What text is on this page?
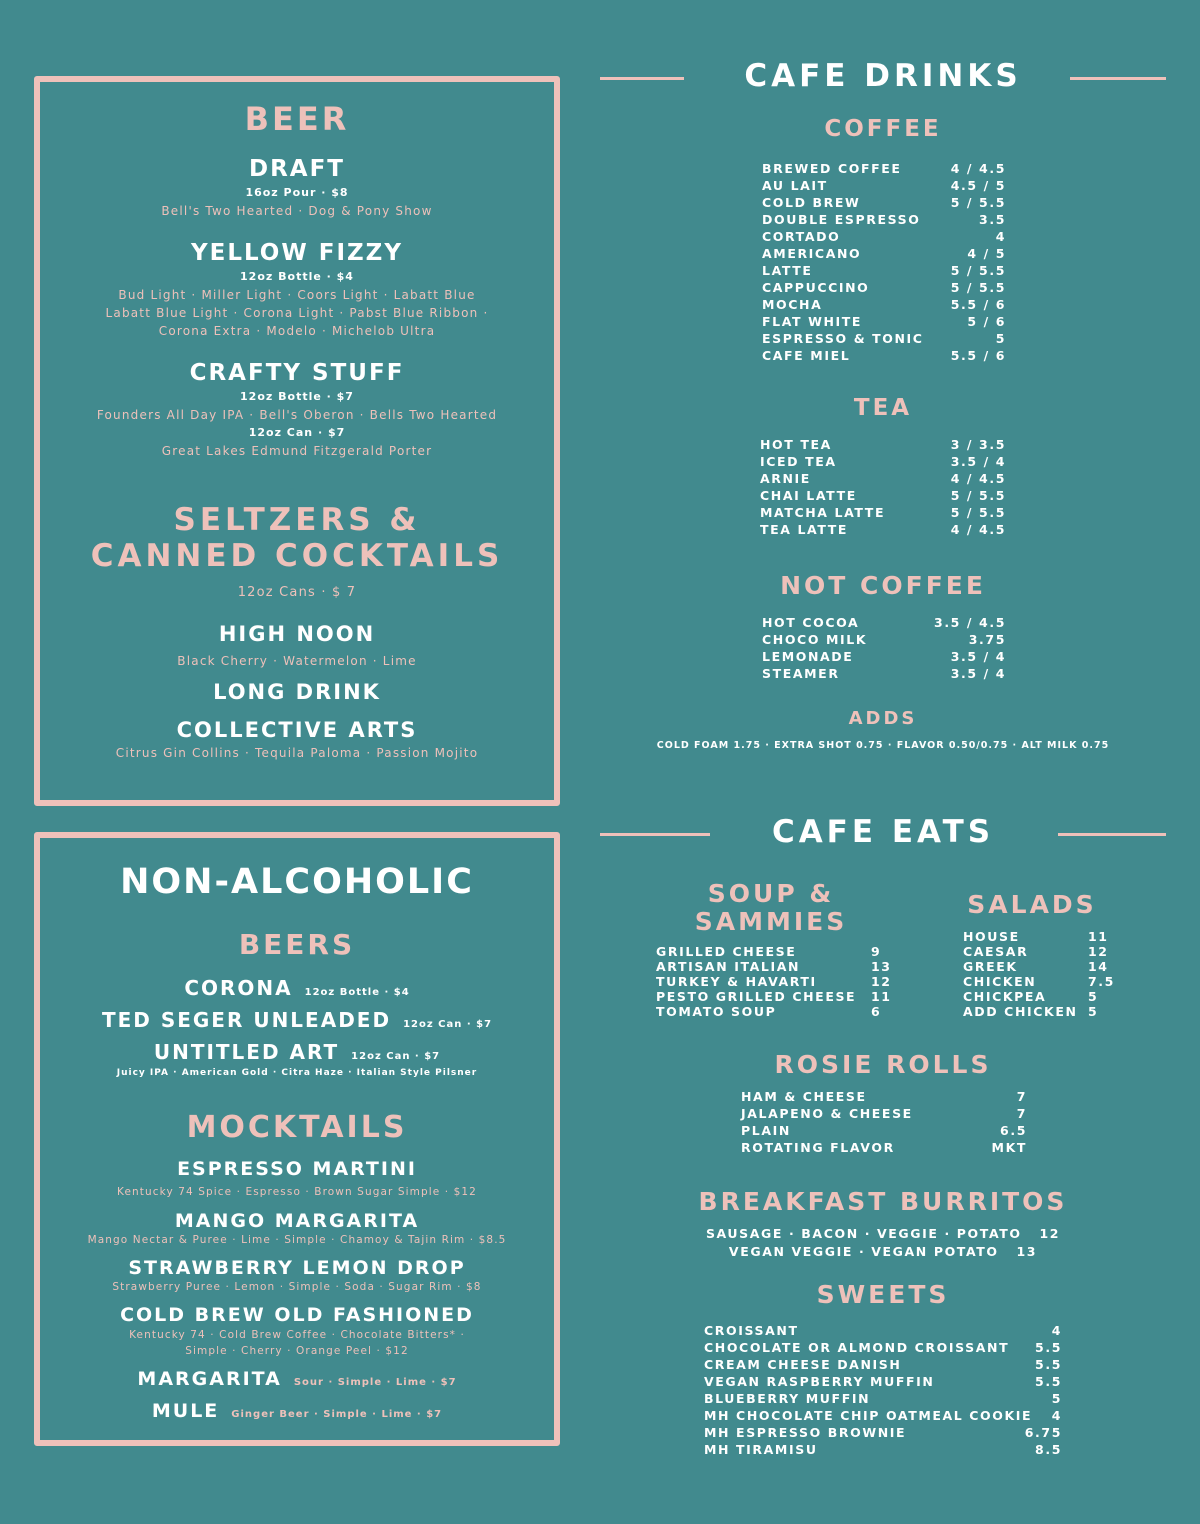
BEER
DRAFT
16oz Pour · $8
Bell's Two Hearted · Dog & Pony Show
YELLOW FIZZY
12oz Bottle · $4
Bud Light · Miller Light · Coors Light · Labatt Blue
Labatt Blue Light · Corona Light · Pabst Blue Ribbon ·
Corona Extra · Modelo · Michelob Ultra
CRAFTY STUFF
12oz Bottle · $7
Founders All Day IPA · Bell's Oberon · Bells Two Hearted
12oz Can · $7
Great Lakes Edmund Fitzgerald Porter
SELTZERS &
CANNED COCKTAILS
12oz Cans · $ 7
HIGH NOON
Black Cherry · Watermelon · Lime
LONG DRINK
COLLECTIVE ARTS
Citrus Gin Collins · Tequila Paloma · Passion Mojito
NON-ALCOHOLIC
BEERS
CORONA 12oz Bottle · $4
TED SEGER UNLEADED 12oz Can · $7
UNTITLED ART 12oz Can · $7
Juicy IPA · American Gold · Citra Haze · Italian Style Pilsner
MOCKTAILS
ESPRESSO MARTINI
Kentucky 74 Spice · Espresso · Brown Sugar Simple · $12
MANGO MARGARITA
Mango Nectar & Puree · Lime · Simple · Chamoy & Tajin Rim · $8.5
STRAWBERRY LEMON DROP
Strawberry Puree · Lemon · Simple · Soda · Sugar Rim · $8
COLD BREW OLD FASHIONED
Kentucky 74 · Cold Brew Coffee · Chocolate Bitters* ·
Simple · Cherry · Orange Peel · $12
MARGARITA Sour · Simple · Lime · $7
MULE Ginger Beer · Simple · Lime · $7
CAFE DRINKS
COFFEE
BREWED COFFEE	4 / 4.5
AU LAIT	4.5 / 5
COLD BREW	5 / 5.5
DOUBLE ESPRESSO	3.5
CORTADO	4
AMERICANO	4 / 5
LATTE	5 / 5.5
CAPPUCCINO	5 / 5.5
MOCHA	5.5 / 6
FLAT WHITE	5 / 6
ESPRESSO & TONIC	5
CAFE MIEL	5.5 / 6
TEA
HOT TEA	3 / 3.5
ICED TEA	3.5 / 4
ARNIE	4 / 4.5
CHAI LATTE	5 / 5.5
MATCHA LATTE	5 / 5.5
TEA LATTE	4 / 4.5
NOT COFFEE
HOT COCOA	3.5 / 4.5
CHOCO MILK	3.75
LEMONADE	3.5 / 4
STEAMER	3.5 / 4
ADDS
COLD FOAM 1.75 · EXTRA SHOT 0.75 · FLAVOR 0.50/0.75 · ALT MILK 0.75
CAFE EATS
SOUP &
SAMMIES
GRILLED CHEESE	9
ARTISAN ITALIAN	13
TURKEY & HAVARTI	12
PESTO GRILLED CHEESE	11
TOMATO SOUP	6
SALADS
HOUSE	11
CAESAR	12
GREEK	14
CHICKEN	7.5
CHICKPEA	5
ADD CHICKEN 5
ROSIE ROLLS
HAM & CHEESE	7
JALAPENO & CHEESE	7
PLAIN	6.5
ROTATING FLAVOR	MKT
BREAKFAST BURRITOS
SAUSAGE · BACON · VEGGIE · POTATO   12
VEGAN VEGGIE · VEGAN POTATO   13
SWEETS
CROISSANT	4
CHOCOLATE OR ALMOND CROISSANT 5.5
CREAM CHEESE DANISH	5.5
VEGAN RASPBERRY MUFFIN	5.5
BLUEBERRY MUFFIN	5
MH CHOCOLATE CHIP OATMEAL COOKIE 4
MH ESPRESSO BROWNIE	6.75
MH TIRAMISU	8.5
